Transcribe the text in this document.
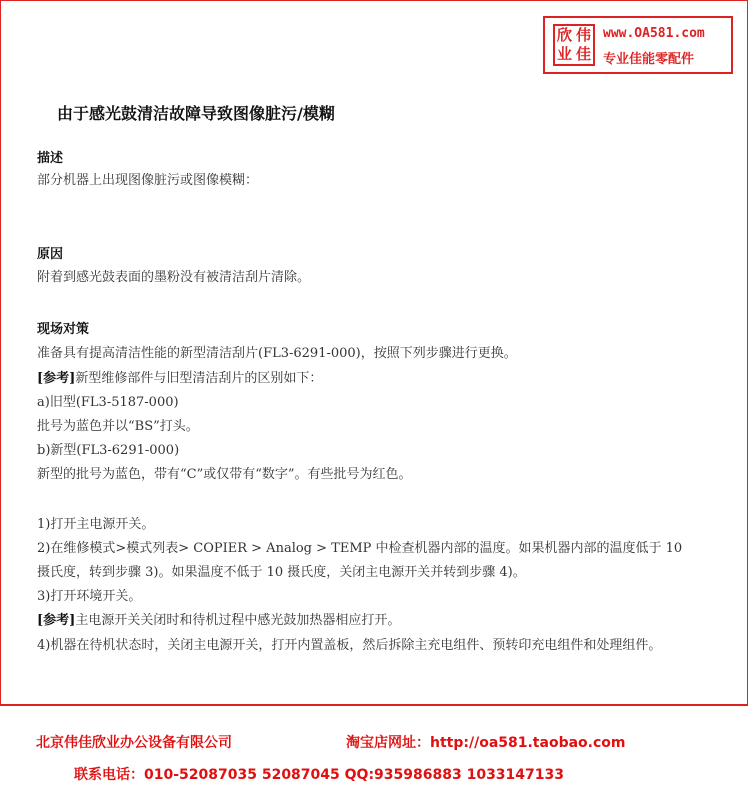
欣 伟
业 佳
www.OA581.com
专业佳能零配件
由于感光鼓清洁故障导致图像脏污/模糊
描述
部分机器上出现图像脏污或图像模糊：
原因
附着到感光鼓表面的墨粉没有被清洁刮片清除。
现场对策
准备具有提高清洁性能的新型清洁刮片(FL3-6291-000)，按照下列步骤进行更换。
[参考]新型维修部件与旧型清洁刮片的区别如下：
a)旧型(FL3-5187-000)
批号为蓝色并以“BS”打头。
b)新型(FL3-6291-000)
新型的批号为蓝色，带有“C”或仅带有“数字”。有些批号为红色。
1)打开主电源开关。
2)在维修模式>模式列表> COPIER > Analog > TEMP 中检查机器内部的温度。如果机器内部的温度低于 10
摄氏度，转到步骤 3)。如果温度不低于 10 摄氏度，关闭主电源开关并转到步骤 4)。
3)打开环境开关。
[参考]主电源开关关闭时和待机过程中感光鼓加热器相应打开。
4)机器在待机状态时，关闭主电源开关，打开内置盖板，然后拆除主充电组件、预转印充电组件和处理组件。
北京伟佳欣业办公设备有限公司	淘宝店网址：http://oa581.taobao.com
联系电话：010-52087035 52087045 QQ:935986883 1033147133
